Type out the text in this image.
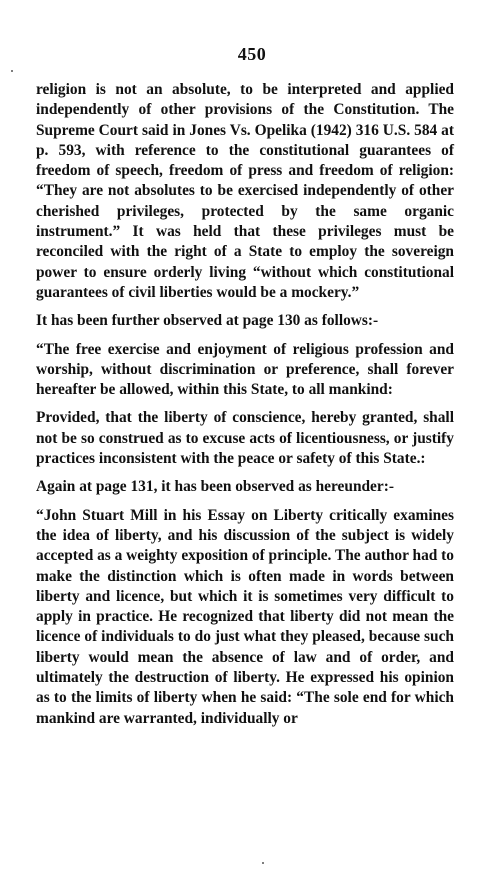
450

religion is not an absolute, to be interpreted and applied independently of other provisions of the Constitution. The Supreme Court said in Jones Vs. Opelika (1942) 316 U.S. 584 at p. 593, with reference to the constitutional guarantees of freedom of speech, freedom of press and freedom of religion: “They are not absolutes to be exercised independently of other cherished privileges, protected by the same organic instrument.” It was held that these privileges must be reconciled with the right of a State to employ the sovereign power to ensure orderly living “without which constitutional guarantees of civil liberties would be a mockery.”

It has been further observed at page 130 as follows:-

“The free exercise and enjoyment of religious profession and worship, without discrimination or preference, shall forever hereafter be allowed, within this State, to all mankind:

Provided, that the liberty of conscience, hereby granted, shall not be so construed as to excuse acts of licentiousness, or justify practices inconsistent with the peace or safety of this State.:

Again at page 131, it has been observed as hereunder:-

“John Stuart Mill in his Essay on Liberty critically examines the idea of liberty, and his discussion of the subject is widely accepted as a weighty exposition of principle. The author had to make the distinction which is often made in words between liberty and licence, but which it is sometimes very difficult to apply in practice. He recognized that liberty did not mean the licence of individuals to do just what they pleased, because such liberty would mean the absence of law and of order, and ultimately the destruction of liberty. He expressed his opinion as to the limits of liberty when he said: “The sole end for which mankind are warranted, individually or
